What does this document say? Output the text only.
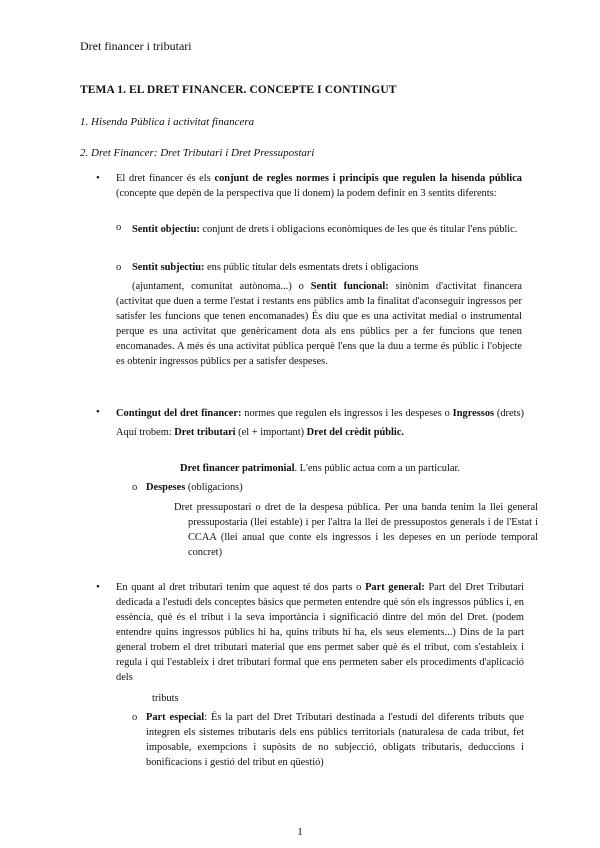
Dret financer i tributari
TEMA 1. EL DRET FINANCER. CONCEPTE I CONTINGUT
1. Hisenda Pública i activitat financera
2. Dret Financer: Dret Tributari i Dret Pressupostari
• El dret financer és els conjunt de regles normes i principis que regulen la hisenda pública (concepte que depèn de la perspectiva que li donem) la podem definir en 3 sentits diferents:
o Sentit objectiu: conjunt de drets i obligacions econòmiques de les que és titular l'ens públic.
o Sentit subjectiu: ens públic titular dels esmentats drets i obligacions
(ajuntament, comunitat autònoma...) o Sentit funcional: sinònim d'activitat financera (activitat que duen a terme l'estat i restants ens públics amb la finalitat d'aconseguir ingressos per satisfer les funcions que tenen encomanades) És diu que es una activitat medial o instrumental perque es una activitat que genèricament dota als ens públics per a fer funcions que tenen encomanades. A més és una activitat pública perquè l'ens que la duu a terme és públic i l'objecte es obtenir ingressos públics per a satisfer despeses.
• Contingut del dret financer: normes que regulen els ingressos i les despeses o Ingressos (drets) Aquí trobem: Dret tributari (el + important) Dret del crèdit públic.
Dret financer patrimonial. L'ens públic actua com a un particular.
o Despeses (obligacions)
Dret pressupostari o dret de la despesa pública. Per una banda tenim la llei general pressupostaria (llei estable) i per l'altra la llei de pressupostos generals i de l'Estat i CCAA (llei anual que conte els ingressos i les depeses en un període temporal concret)
• En quant al dret tributari tenim que aquest té dos parts o Part general: Part del Dret Tributari dedicada a l'estudi dels conceptes bàsics que permeten entendre què són els ingressos públics i, en essència, què és el tribut i la seva importància i significació dintre del món del Dret. (podem entendre quins ingressos públics hi ha, quins tributs hi ha, els seus elements...) Dins de la part general trobem el dret tributari material que ens permet saber què és el tribut, com s'estableix i regula i qui l'estableix i dret tributari formal que ens permeten saber els procediments d'aplicació dels
tributs
o Part especial: És la part del Dret Tributari destinada a l'estudi del diferents tributs que integren els sistemes tributaris dels ens públics territorials (naturalesa de cada tribut, fet imposable, exempcions i supòsits de no subjecció, obligats tributaris, deduccions i bonificacions i gestió del tribut en qüestió)
1
